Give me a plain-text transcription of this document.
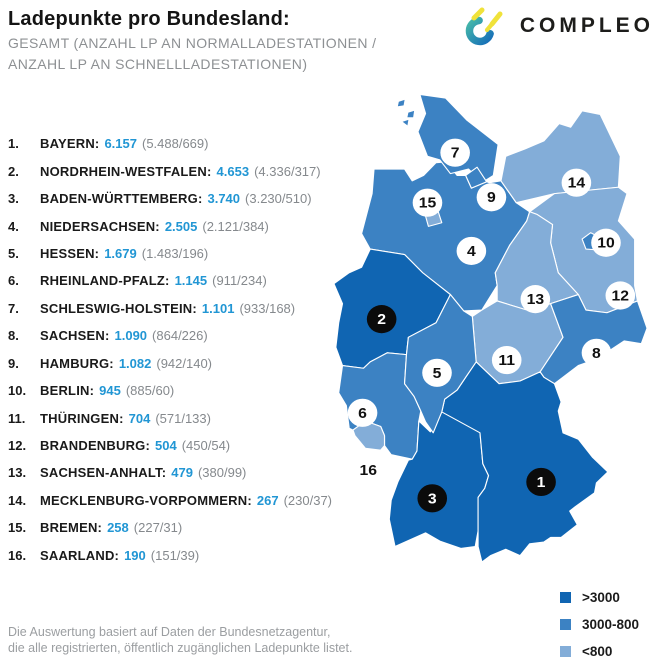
Ladepunkte pro Bundesland:
GESAMT (ANZAHL LP AN NORMALLADESTATIONEN /
ANZAHL LP AN SCHNELLLADESTATIONEN)
COMPLEO
1.	BAYERN: 6.157 (5.488/669)
2.	NORDRHEIN-WESTFALEN: 4.653 (4.336/317)
3.	BADEN-WÜRTTEMBERG: 3.740 (3.230/510)
4.	NIEDERSACHSEN: 2.505 (2.121/384)
5.	HESSEN: 1.679 (1.483/196)
6.	RHEINLAND-PFALZ: 1.145 (911/234)
7.	SCHLESWIG-HOLSTEIN: 1.101 (933/168)
8.	SACHSEN: 1.090 (864/226)
9.	HAMBURG: 1.082 (942/140)
10.	BERLIN: 945 (885/60)
11.	THÜRINGEN: 704 (571/133)
12.	BRANDENBURG: 504 (450/54)
13.	SACHSEN-ANHALT: 479 (380/99)
14.	MECKLENBURG-VORPOMMERN: 267 (230/37)
15.	BREMEN: 258 (227/31)
16.	SAARLAND: 190 (151/39)
4
14
12
13
11	8
2
6
16
3
1
5
7
10
9
15
>3000
3000-800
<800
Die Auswertung basiert auf Daten der Bundesnetzagentur,
die alle registrierten, öffentlich zugänglichen Ladepunkte listet.
